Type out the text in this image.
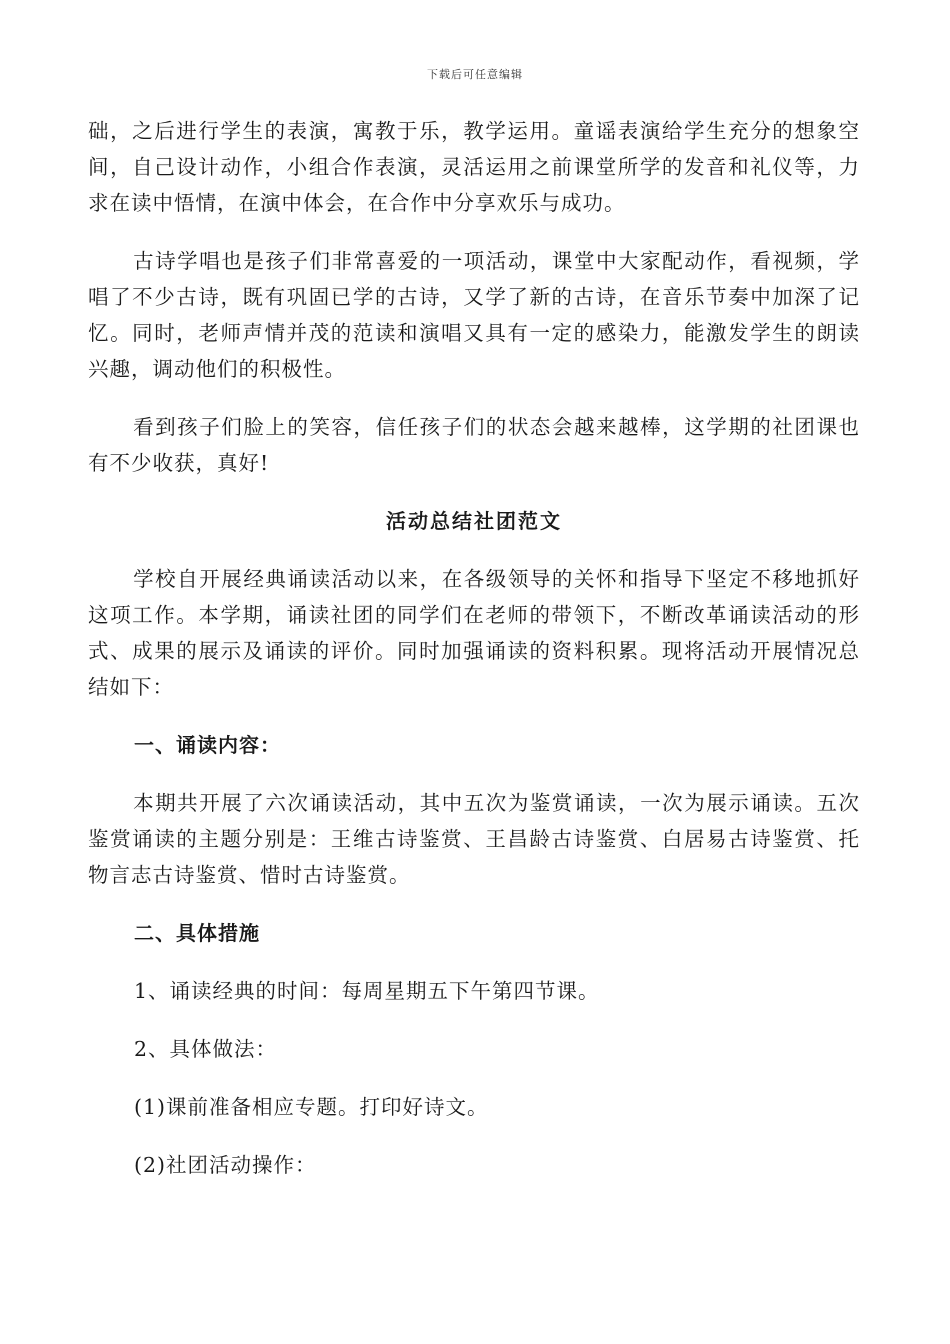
下载后可任意编辑

础，之后进行学生的表演，寓教于乐，教学运用。童谣表演给学生充分的想象空间，自己设计动作，小组合作表演，灵活运用之前课堂所学的发音和礼仪等，力求在读中悟情，在演中体会，在合作中分享欢乐与成功。

古诗学唱也是孩子们非常喜爱的一项活动，课堂中大家配动作，看视频，学唱了不少古诗，既有巩固已学的古诗，又学了新的古诗，在音乐节奏中加深了记忆。同时，老师声情并茂的范读和演唱又具有一定的感染力，能激发学生的朗读兴趣，调动他们的积极性。

看到孩子们脸上的笑容，信任孩子们的状态会越来越棒，这学期的社团课也有不少收获，真好!

活动总结社团范文

学校自开展经典诵读活动以来，在各级领导的关怀和指导下坚定不移地抓好这项工作。本学期，诵读社团的同学们在老师的带领下，不断改革诵读活动的形式、成果的展示及诵读的评价。同时加强诵读的资料积累。现将活动开展情况总结如下：

一、诵读内容：

本期共开展了六次诵读活动，其中五次为鉴赏诵读，一次为展示诵读。五次鉴赏诵读的主题分别是：王维古诗鉴赏、王昌龄古诗鉴赏、白居易古诗鉴赏、托物言志古诗鉴赏、惜时古诗鉴赏。

二、具体措施
1、诵读经典的时间：每周星期五下午第四节课。
2、具体做法：
(1)课前准备相应专题。打印好诗文。
(2)社团活动操作：
